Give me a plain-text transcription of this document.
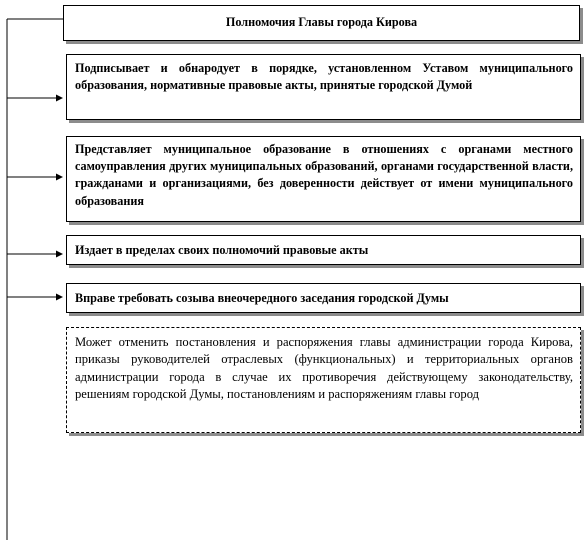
Полномочия Главы города Кирова
Подписывает и обнародует в порядке, установленном Уставом муниципального образования, нормативные правовые акты, принятые городской Думой
Представляет муниципальное образование в отношениях с органами местного самоуправления других муниципальных образований, органами государственной власти, гражданами и организациями, без доверенности действует от имени муниципального образования
Издает в пределах своих полномочий правовые акты
Вправе требовать созыва внеочередного заседания городской Думы
Может отменить постановления и распоряжения главы администрации города Кирова, приказы руководителей отраслевых (функциональных) и территориальных органов администрации города в случае их противоречия действующему законодательству, решениям городской Думы, постановлениям и распоряжениям главы город
